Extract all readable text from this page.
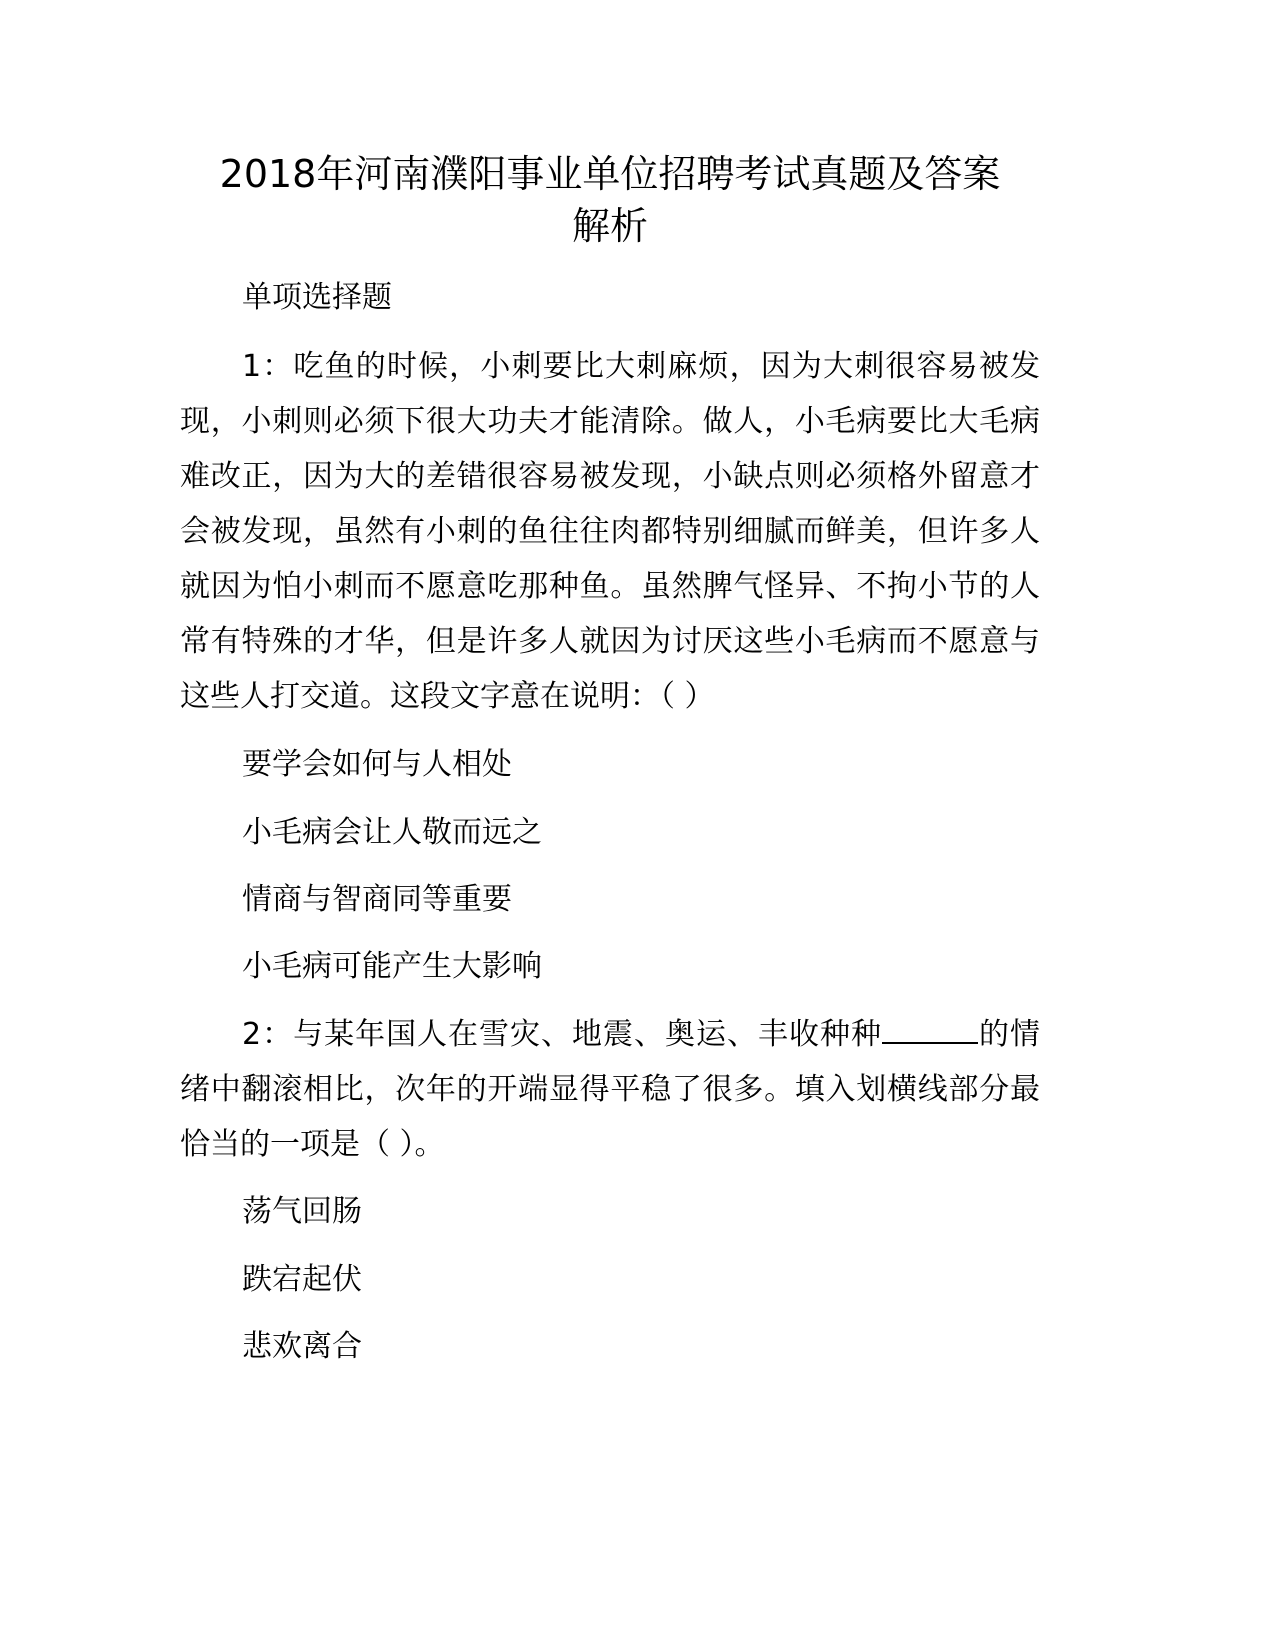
2018年河南濮阳事业单位招聘考试真题及答案
解析

单项选择题

1：吃鱼的时候，小刺要比大刺麻烦，因为大刺很容易被发现，小刺则必须下很大功夫才能清除。做人，小毛病要比大毛病难改正，因为大的差错很容易被发现，小缺点则必须格外留意才会被发现，虽然有小刺的鱼往往肉都特别细腻而鲜美，但许多人就因为怕小刺而不愿意吃那种鱼。虽然脾气怪异、不拘小节的人常有特殊的才华，但是许多人就因为讨厌这些小毛病而不愿意与这些人打交道。这段文字意在说明：（ ）

要学会如何与人相处

小毛病会让人敬而远之

情商与智商同等重要

小毛病可能产生大影响

2：与某年国人在雪灾、地震、奥运、丰收种种	的情绪中翻滚相比，次年的开端显得平稳了很多。填入划横线部分最恰当的一项是（ ）。

荡气回肠

跌宕起伏

悲欢离合
